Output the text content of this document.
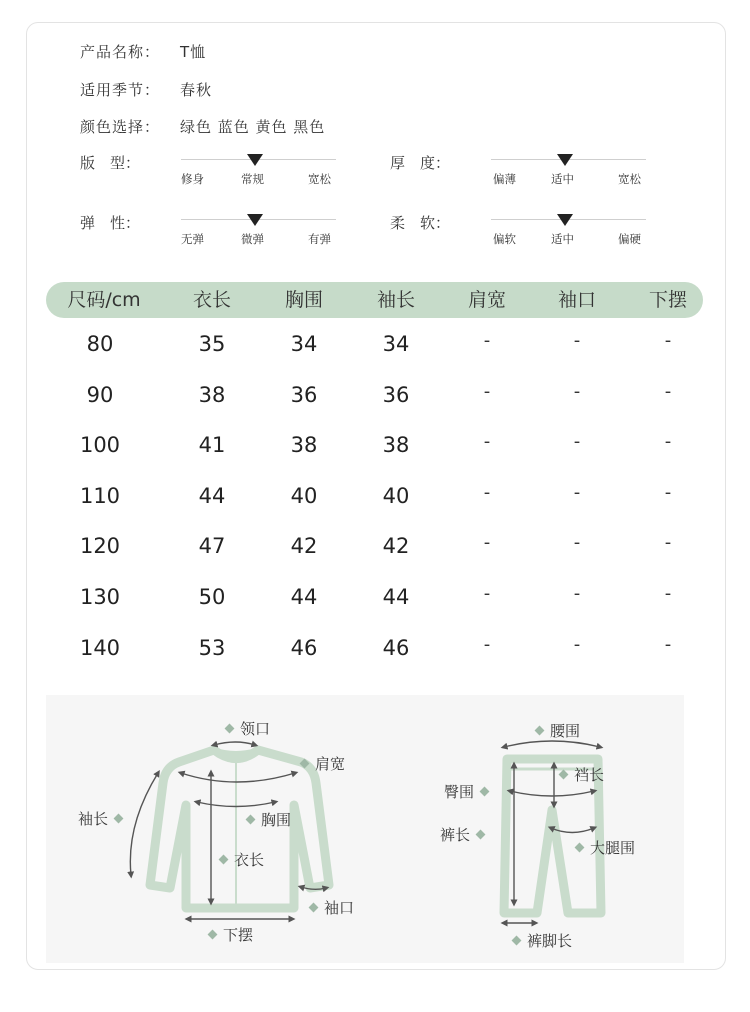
产品名称： T恤
适用季节： 春秋
颜色选择： 绿色 蓝色 黄色 黑色
版　型：
修身	常规	宽松
厚　度：
偏薄	适中	宽松
弹　性：
无弹	微弹	有弹
柔　软：
偏软	适中	偏硬
尺码/cm	衣长	胸围	袖长	肩宽	袖口	下摆
80	35	34	34	-	-	-
90	38	36	36	-	-	-
100	41	38	38	-	-	-
110	44	40	40	-	-	-
120	47	42	42	-	-	-
130	50	44	44	-	-	-
140	53	46	46	-	-	-
领口
肩宽
袖长	胸围
衣长
袖口
下摆
腰围
裆长
臀围
裤长
大腿围
裤脚长
